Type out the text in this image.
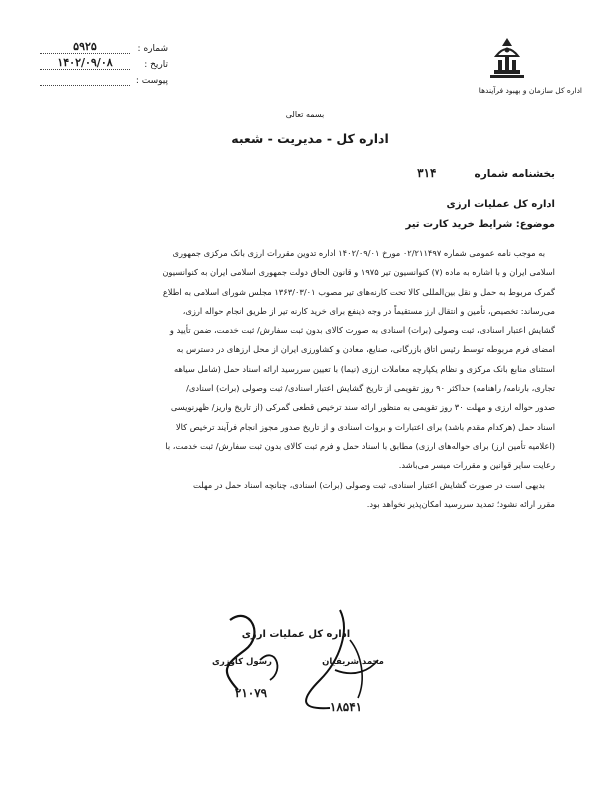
اداره کل سازمان و بهبود فرآیندها
شماره :
۵۹۲۵
تاریخ :
۱۴۰۲/۰۹/۰۸
پیوست :
بسمه تعالی
اداره کل - مدیریت - شعبه
بخشنامه شماره
۳۱۴
اداره کل عملیات ارزی
موضوع: شرایط خرید کارت تیر
به موجب نامه عمومی شماره ۰۲/۲۱۱۴۹۷ مورخ ۱۴۰۲/۰۹/۰۱ اداره تدوین مقررات ارزی بانک مرکزی جمهوری
اسلامی ایران و با اشاره به ماده (۷) کنوانسیون تیر ۱۹۷۵ و قانون الحاق دولت جمهوری اسلامی ایران به کنوانسیون
گمرک مربوط به حمل و نقل بین‌المللی کالا تحت کارنه‌های تیر مصوب ۱۳۶۳/۰۳/۰۱ مجلس شورای اسلامی به اطلاع
می‌رساند: تخصیص، تأمین و انتقال ارز مستقیماً در وجه ذینفع برای خرید کارنه تیر از طریق انجام حواله ارزی،
گشایش اعتبار اسنادی، ثبت وصولی (برات) اسنادی به صورت کالای بدون ثبت سفارش/ ثبت خدمت، ضمن تأیید و
امضای فرم مربوطه توسط رئیس اتاق بازرگانی، صنایع، معادن و کشاورزی ایران از محل ارزهای در دسترس به
استثنای منابع بانک مرکزی و نظام یکپارچه معاملات ارزی (نیما) با تعیین سررسید ارائه اسناد حمل (شامل سیاهه
تجاری، بارنامه/ راهنامه) حداکثر ۹۰ روز تقویمی از تاریخ گشایش اعتبار اسنادی/ ثبت وصولی (برات) اسنادی/
صدور حواله ارزی و مهلت ۳۰ روز تقویمی به منظور ارائه سند ترخیص قطعی گمرکی (از تاریخ واریز/ ظهرنویسی
اسناد حمل (هرکدام مقدم باشد) برای اعتبارات و بروات اسنادی و از تاریخ صدور مجوز انجام فرآیند ترخیص کالا
(اعلامیه تأمین ارز) برای حواله‌های ارزی) مطابق با اسناد حمل و فرم ثبت کالای بدون ثبت سفارش/ ثبت خدمت، با
رعایت سایر قوانین و مقررات میسر می‌باشد.
بدیهی است در صورت گشایش اعتبار اسنادی، ثبت وصولی (برات) اسنادی، چنانچه اسناد حمل در مهلت
مقرر ارائه نشود؛ تمدید سررسید امکان‌پذیر نخواهد بود.
اداره کل عملیات ارزی
محمد شریفیان
رسول کاوزری
۱۸۵۴۱
۲۱۰۷۹
